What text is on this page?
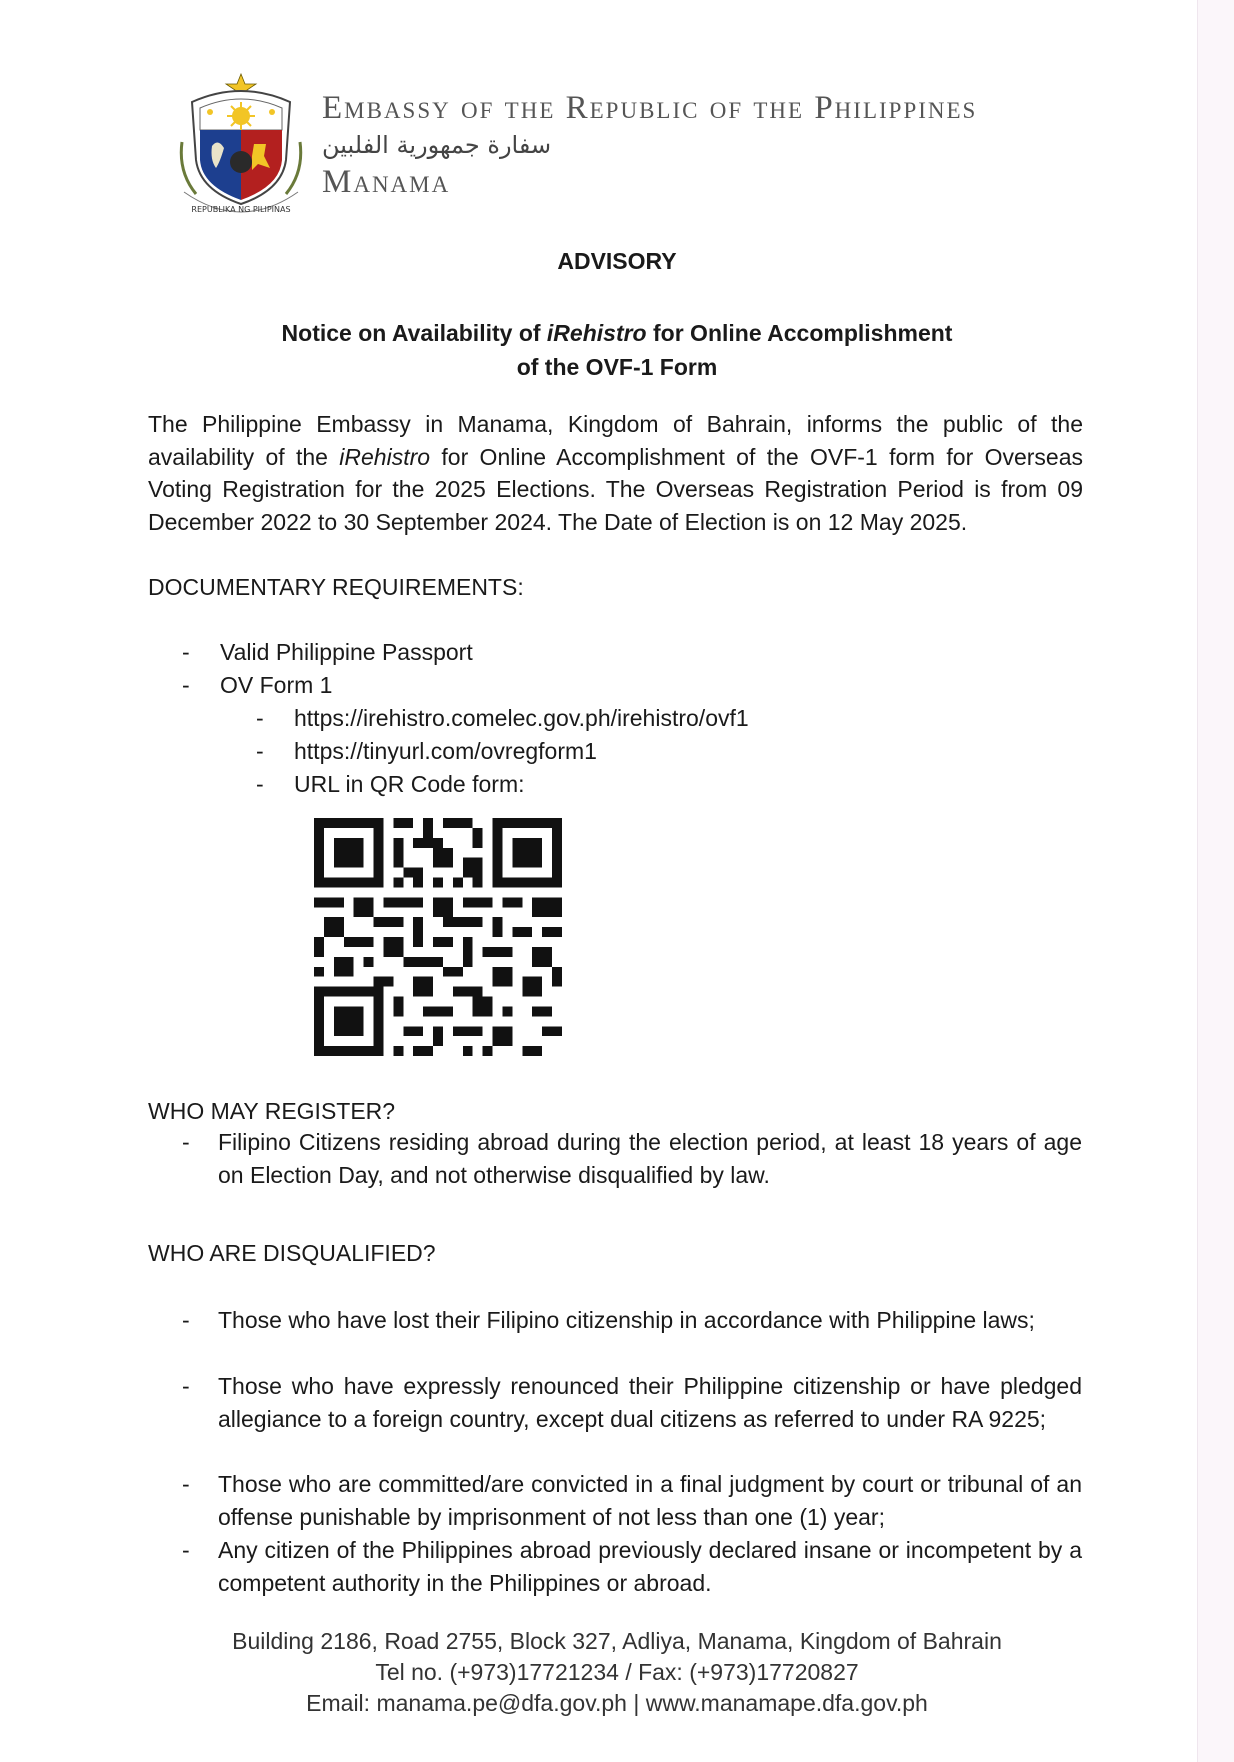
REPUBLIKA NG PILIPINAS
Embassy of the Republic of the Philippines
سفارة جمهورية الفلبين
Manama
ADVISORY
Notice on Availability of iRehistro for Online Accomplishment
of the OVF-1 Form
The Philippine Embassy in Manama, Kingdom of Bahrain, informs the public of the availability of the iRehistro for Online Accomplishment of the OVF-1 form for Overseas Voting Registration for the 2025 Elections. The Overseas Registration Period is from 09 December 2022 to 30 September 2024. The Date of Election is on 12 May 2025.
DOCUMENTARY REQUIREMENTS:
-	Valid Philippine Passport
-	OV Form 1
-	https://irehistro.comelec.gov.ph/irehistro/ovf1
-	https://tinyurl.com/ovregform1
-	URL in QR Code form:
WHO MAY REGISTER?
-	Filipino Citizens residing abroad during the election period, at least 18 years of age on Election Day, and not otherwise disqualified by law.
WHO ARE DISQUALIFIED?
-	Those who have lost their Filipino citizenship in accordance with Philippine laws;
-	Those who have expressly renounced their Philippine citizenship or have pledged allegiance to a foreign country, except dual citizens as referred to under RA 9225;
-	Those who are committed/are convicted in a final judgment by court or tribunal of an offense punishable by imprisonment of not less than one (1) year;
-	Any citizen of the Philippines abroad previously declared insane or incompetent by a competent authority in the Philippines or abroad.
Building 2186, Road 2755, Block 327, Adliya, Manama, Kingdom of Bahrain
Tel no. (+973)17721234 / Fax: (+973)17720827
Email: manama.pe@dfa.gov.ph | www.manamape.dfa.gov.ph
